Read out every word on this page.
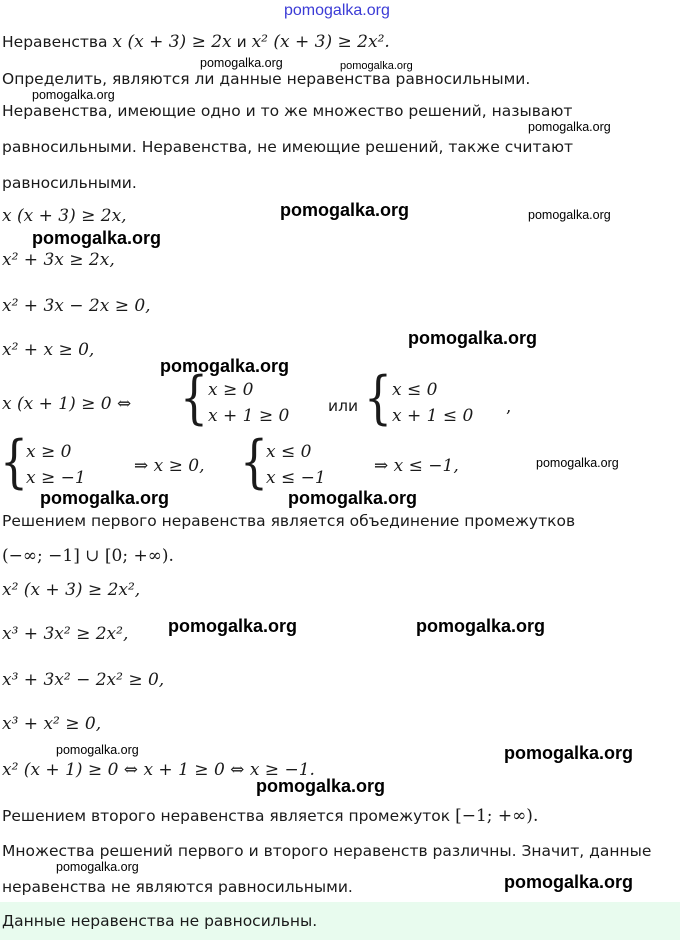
pomogalka.org
Неравенства x (x + 3) ≥ 2x и x² (x + 3) ≥ 2x².
pomogalka.org	pomogalka.org
Определить, являются ли данные неравенства равносильными.
pomogalka.org
Неравенства, имеющие одно и то же множество решений, называют
pomogalka.org
равносильными. Неравенства, не имеющие решений, также считают
равносильными.
x (x + 3) ≥ 2x,	pomogalka.org	pomogalka.org
pomogalka.org
x² + 3x ≥ 2x,
x² + 3x − 2x ≥ 0,
pomogalka.org
x² + x ≥ 0,
pomogalka.org
x (x + 1) ≥ 0 ⇔ { x ≥ 0
x + 1 ≥ 0 или { x ≤ 0
x + 1 ≤ 0 ,
{
x ≥ 0
x ≥ −1
⇒ x ≥ 0, {
x ≤ 0
x ≤ −1
⇒ x ≤ −1,	pomogalka.org
pomogalka.org	pomogalka.org
Решением первого неравенства является объединение промежутков
(−∞; −1] ∪ [0; +∞).
x² (x + 3) ≥ 2x²,
x³ + 3x² ≥ 2x², pomogalka.org	pomogalka.org
x³ + 3x² − 2x² ≥ 0,
x³ + x² ≥ 0,
pomogalka.org	pomogalka.org
x² (x + 1) ≥ 0 ⇔ x + 1 ≥ 0 ⇔ x ≥ −1.
pomogalka.org
Решением второго неравенства является промежуток [−1; +∞).
Множества решений первого и второго неравенств различны. Значит, данные
pomogalka.org
неравенства не являются равносильными.	pomogalka.org
Данные неравенства не равносильны.
